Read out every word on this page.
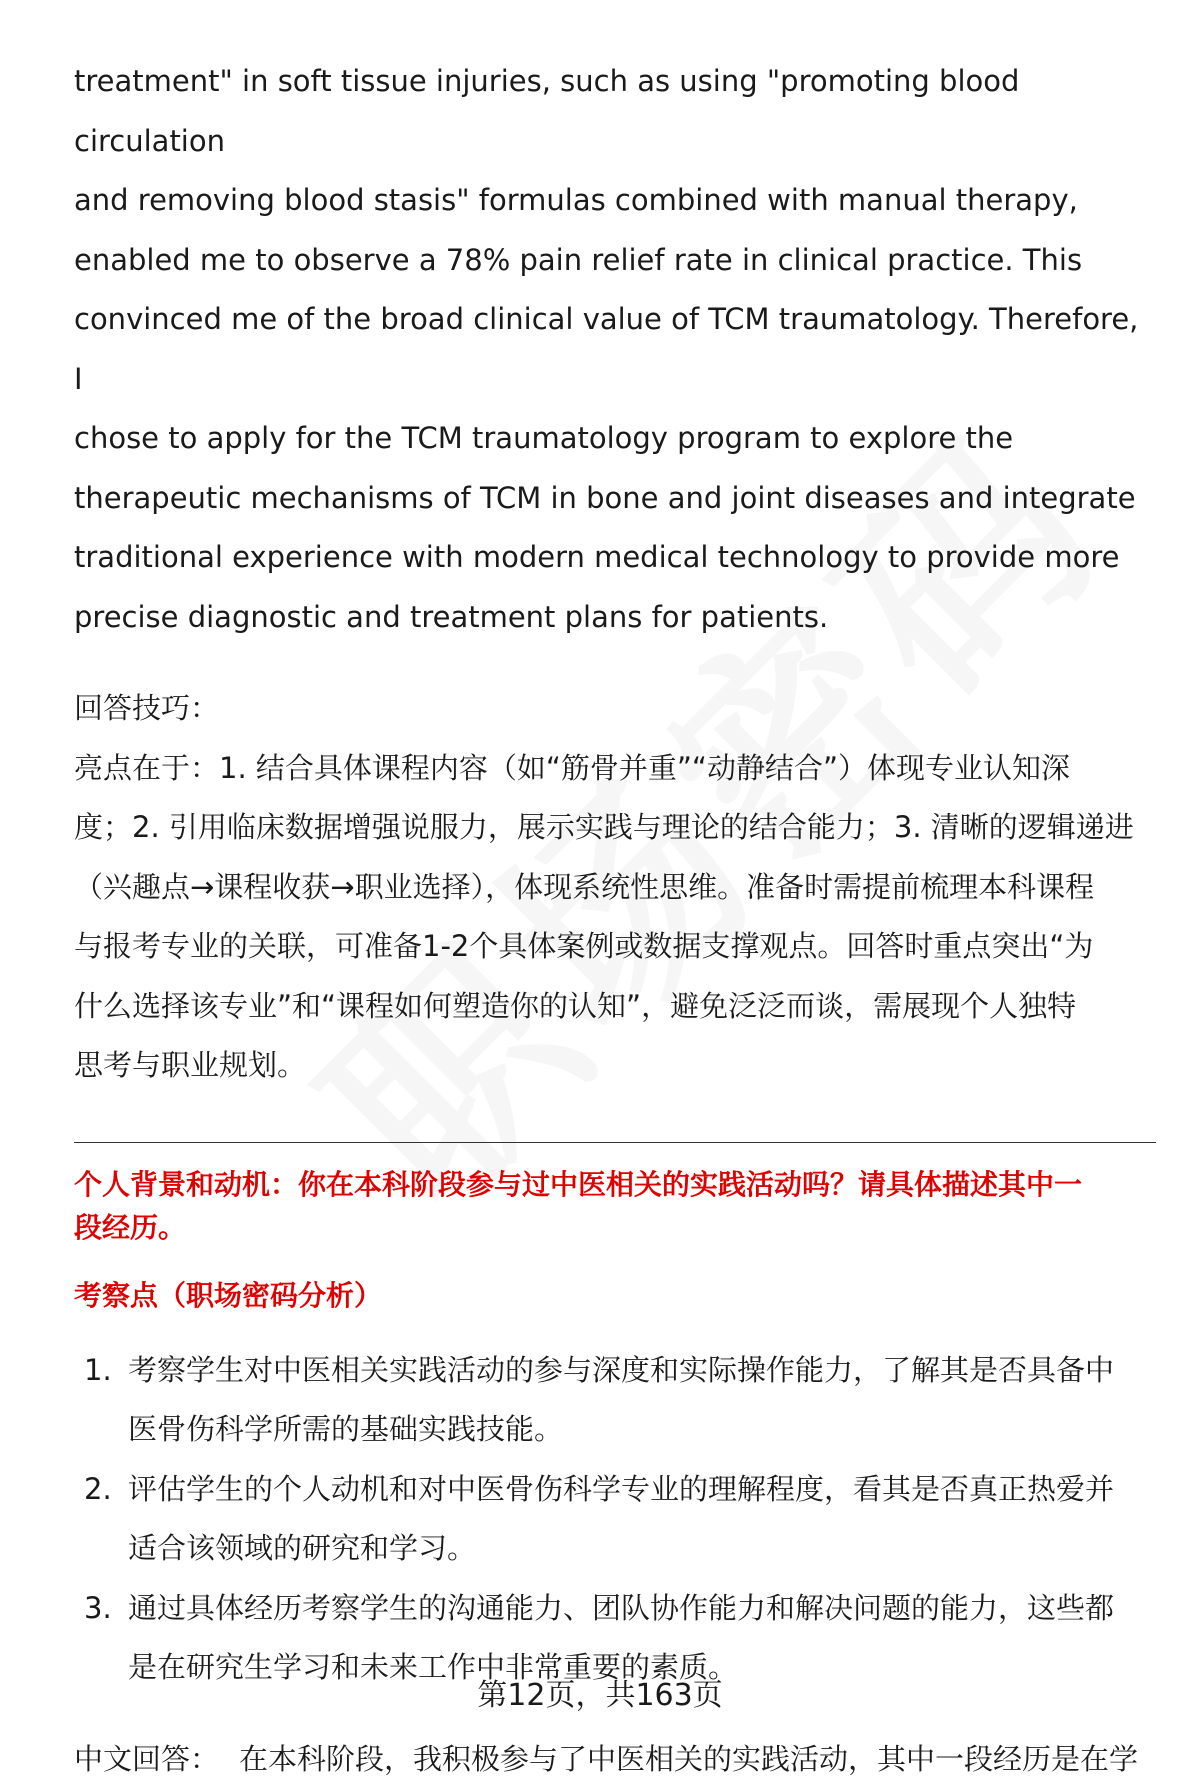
treatment" in soft tissue injuries, such as using "promoting blood circulation
and removing blood stasis" formulas combined with manual therapy,
enabled me to observe a 78% pain relief rate in clinical practice. This
convinced me of the broad clinical value of TCM traumatology. Therefore, I
chose to apply for the TCM traumatology program to explore the
therapeutic mechanisms of TCM in bone and joint diseases and integrate
traditional experience with modern medical technology to provide more
precise diagnostic and treatment plans for patients.
回答技巧：
亮点在于：1. 结合具体课程内容（如“筋骨并重”“动静结合”）体现专业认知深
度；2. 引用临床数据增强说服力，展示实践与理论的结合能力；3. 清晰的逻辑递进
（兴趣点→课程收获→职业选择），体现系统性思维。准备时需提前梳理本科课程
与报考专业的关联，可准备1-2个具体案例或数据支撑观点。回答时重点突出“为
什么选择该专业”和“课程如何塑造你的认知”，避免泛泛而谈，需展现个人独特
思考与职业规划。
个人背景和动机：你在本科阶段参与过中医相关的实践活动吗？请具体描述其中一
段经历。
考察点（职场密码分析）
1. 考察学生对中医相关实践活动的参与深度和实际操作能力，了解其是否具备中
医骨伤科学所需的基础实践技能。
2. 评估学生的个人动机和对中医骨伤科学专业的理解程度，看其是否真正热爱并
适合该领域的研究和学习。
3. 通过具体经历考察学生的沟通能力、团队协作能力和解决问题的能力，这些都
是在研究生学习和未来工作中非常重要的素质。
中文回答： 在本科阶段，我积极参与了中医相关的实践活动，其中一段经历是在学
第12页，共163页
